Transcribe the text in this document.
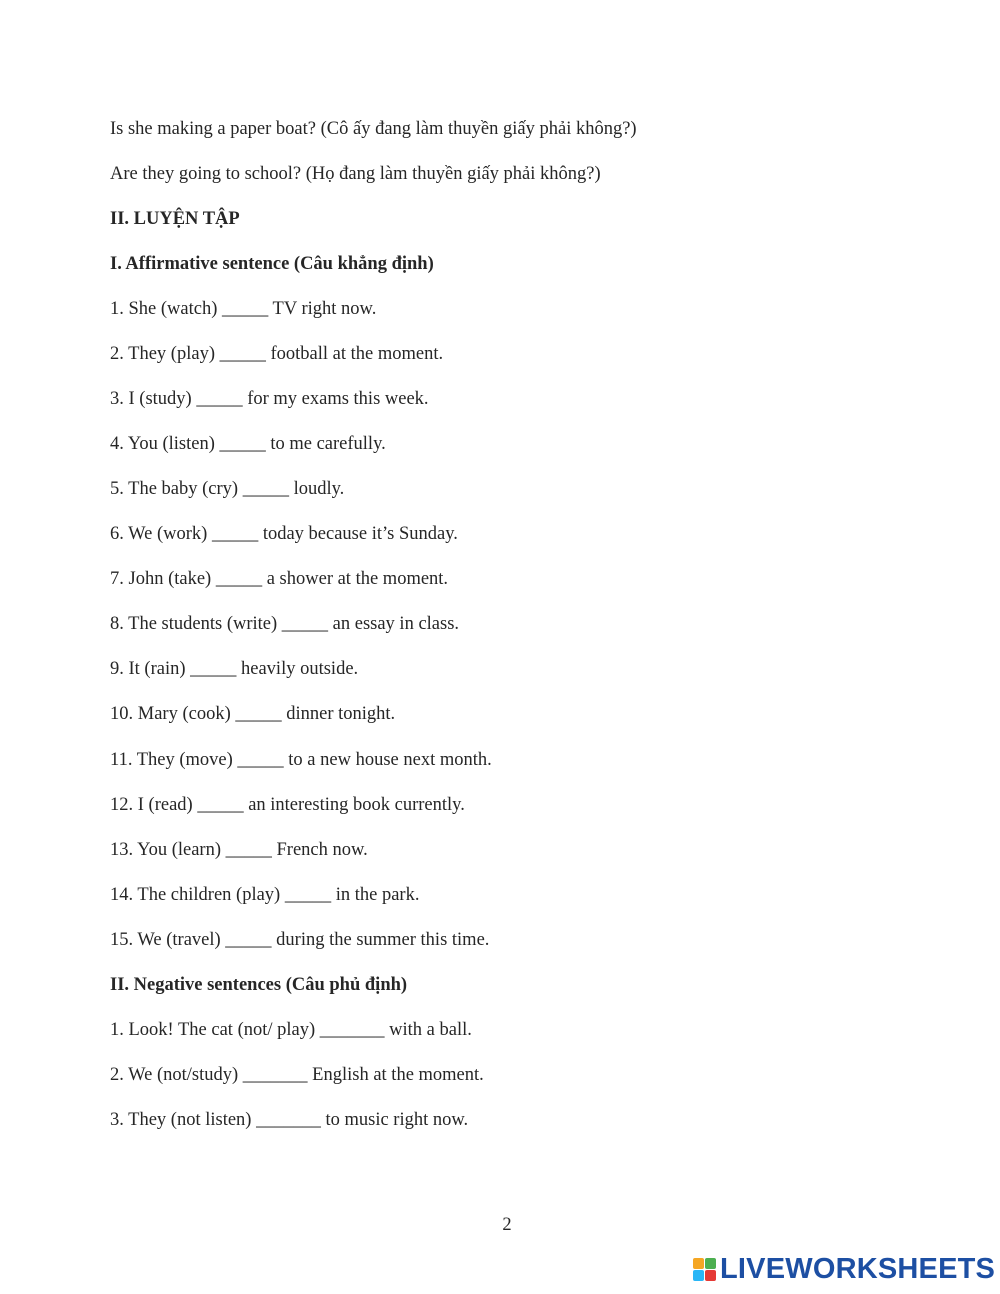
Is she making a paper boat? (Cô ấy đang làm thuyền giấy phải không?)
Are they going to school? (Họ đang làm thuyền giấy phải không?)
II. LUYỆN TẬP
I. Affirmative sentence (Câu khẳng định)
1. She (watch) _____ TV right now.
2. They (play) _____ football at the moment.
3. I (study) _____ for my exams this week.
4. You (listen) _____ to me carefully.
5. The baby (cry) _____ loudly.
6. We (work) _____ today because it’s Sunday.
7. John (take) _____ a shower at the moment.
8. The students (write) _____ an essay in class.
9. It (rain) _____ heavily outside.
10. Mary (cook) _____ dinner tonight.
11. They (move) _____ to a new house next month.
12. I (read) _____ an interesting book currently.
13. You (learn) _____ French now.
14. The children (play) _____ in the park.
15. We (travel) _____ during the summer this time.
II. Negative sentences (Câu phủ định)
1. Look! The cat (not/ play) _______ with a ball.
2. We (not/study) _______ English at the moment.
3. They (not listen) _______ to music right now.
2
LIVEWORKSHEETS
